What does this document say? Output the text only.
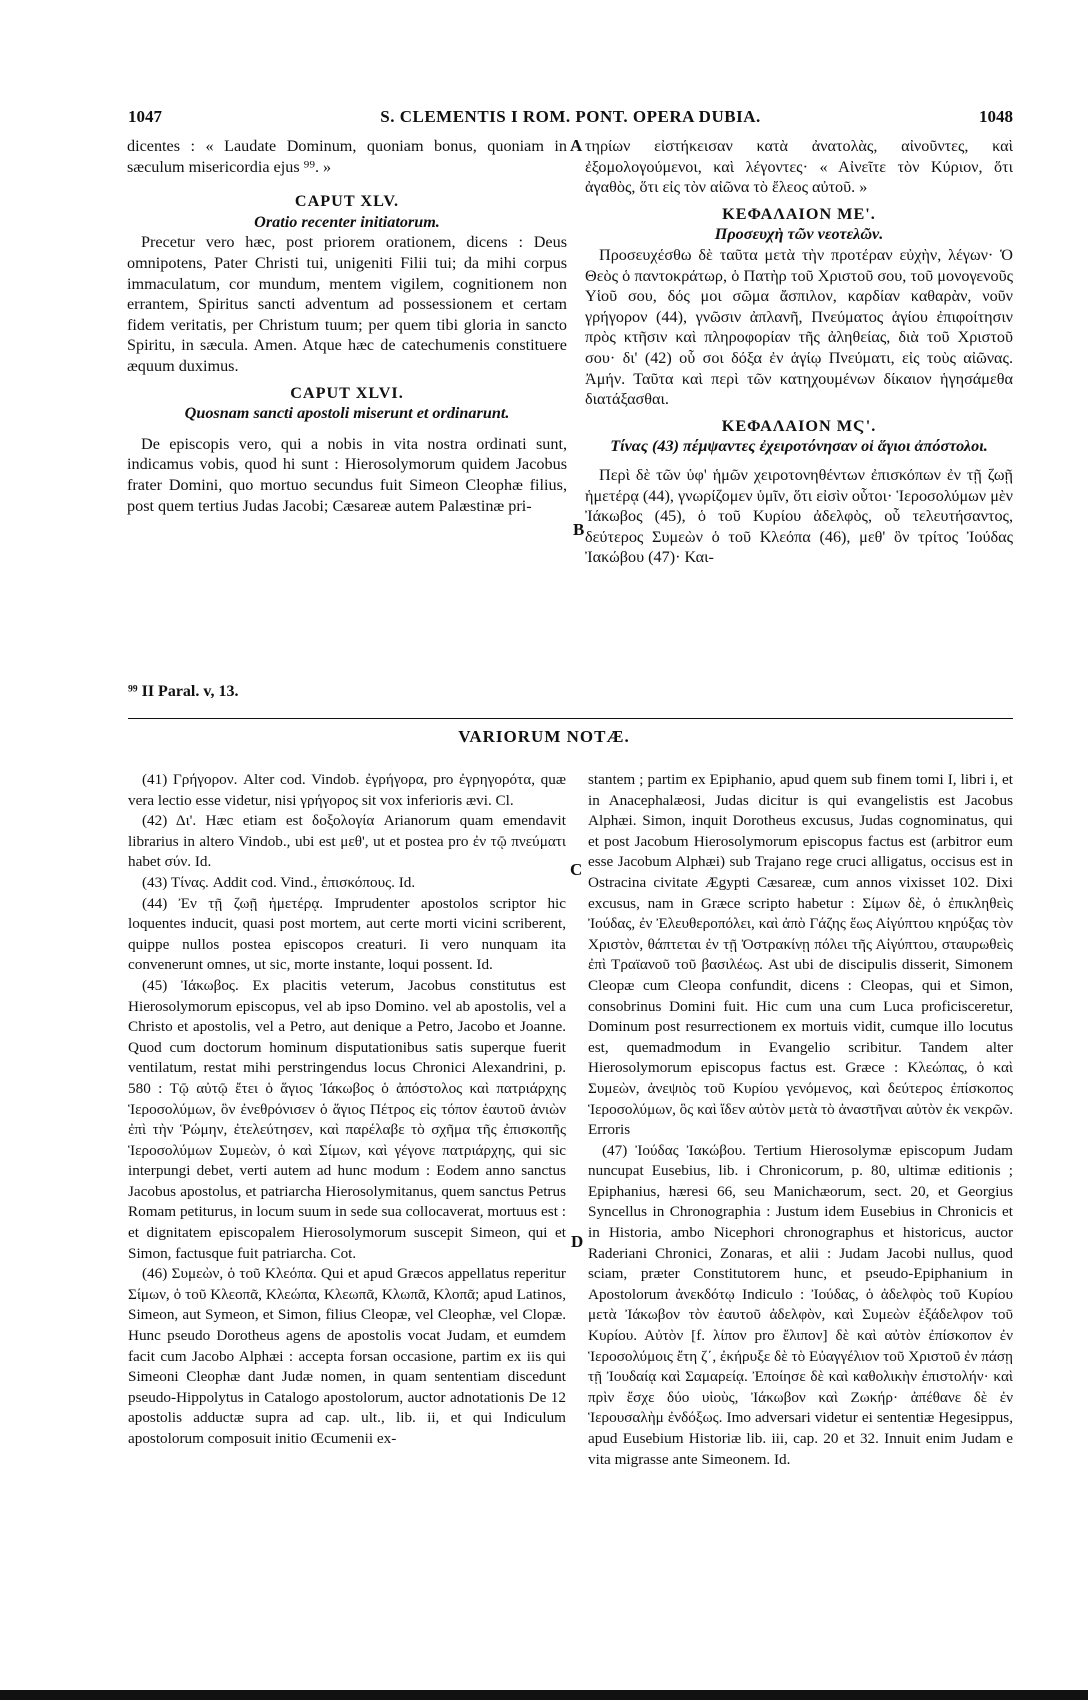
1047	S. CLEMENTIS I ROM. PONT. OPERA DUBIA.	1048
A
B
C
D

dicentes : « Laudate Dominum, quoniam bonus, quoniam in sæculum misericordia ejus ⁹⁹. »

CAPUT XLV.

Oratio recenter initiatorum.

Precetur vero hæc, post priorem orationem, dicens : Deus omnipotens, Pater Christi tui, unigeniti Filii tui; da mihi corpus immaculatum, cor mundum, mentem vigilem, cognitionem non errantem, Spiritus sancti adventum ad possessionem et certam fidem veritatis, per Christum tuum; per quem tibi gloria in sancto Spiritu, in sæcula. Amen. Atque hæc de catechumenis constituere æquum duximus.

CAPUT XLVI.

Quosnam sancti apostoli miserunt et ordinarunt.

De episcopis vero, qui a nobis in vita nostra ordinati sunt, indicamus vobis, quod hi sunt : Hierosolymorum quidem Jacobus frater Domini, quo mortuo secundus fuit Simeon Cleophæ filius, post quem tertius Judas Jacobi; Cæsareæ autem Palæstinæ pri-

τηρίων εἰστήκεισαν κατὰ ἀνατολὰς, αἰνοῦντες, καὶ ἐξομολογούμενοι, καὶ λέγοντες· « Αἰνεῖτε τὸν Κύριον, ὅτι ἀγαθὸς, ὅτι εἰς τὸν αἰῶνα τὸ ἔλεος αὐτοῦ. »

ΚΕΦΑΛΑΙΟΝ ΜΕ'.

Προσευχὴ τῶν νεοτελῶν.

Προσευχέσθω δὲ ταῦτα μετὰ τὴν προτέραν εὐχὴν, λέγων· Ὁ Θεὸς ὁ παντοκράτωρ, ὁ Πατὴρ τοῦ Χριστοῦ σου, τοῦ μονογενοῦς Υἱοῦ σου, δός μοι σῶμα ἄσπιλον, καρδίαν καθαρὰν, νοῦν γρήγορον (44), γνῶσιν ἀπλανῆ, Πνεύματος ἁγίου ἐπιφοίτησιν πρὸς κτῆσιν καὶ πληροφορίαν τῆς ἀληθείας, διὰ τοῦ Χριστοῦ σου· δι' (42) οὗ σοι δόξα ἐν ἁγίῳ Πνεύματι, εἰς τοὺς αἰῶνας. Ἀμήν. Ταῦτα καὶ περὶ τῶν κατηχουμένων δίκαιον ἡγησάμεθα διατάξασθαι.

ΚΕΦΑΛΑΙΟΝ ΜϚ'.

Τίνας (43) πέμψαντες ἐχειροτόνησαν οἱ ἅγιοι ἀπόστολοι.

Περὶ δὲ τῶν ὑφ' ἡμῶν χειροτονηθέντων ἐπισκόπων ἐν τῇ ζωῇ ἡμετέρᾳ (44), γνωρίζομεν ὑμῖν, ὅτι εἰσὶν οὗτοι· Ἱεροσολύμων μὲν Ἰάκωβος (45), ὁ τοῦ Κυρίου ἀδελφὸς, οὗ τελευτήσαντος, δεύτερος Συμεὼν ὁ τοῦ Κλεόπα (46), μεθ' ὃν τρίτος Ἰούδας Ἰακώβου (47)· Και-

⁹⁹ II Paral. v, 13.
VARIORUM NOTÆ.

(41) Γρήγορον. Alter cod. Vindob. ἐγρήγορα, pro ἐγρηγορότα, quæ vera lectio esse videtur, nisi γρήγορος sit vox inferioris ævi. Cl.

(42) Δι'. Hæc etiam est δοξολογία Arianorum quam emendavit librarius in altero Vindob., ubi est μεθ', ut et postea pro ἐν τῷ πνεύματι habet σύν. Id.

(43) Τίνας. Addit cod. Vind., ἐπισκόπους. Id.

(44) Ἐν τῇ ζωῇ ἡμετέρᾳ. Imprudenter apostolos scriptor hic loquentes inducit, quasi post mortem, aut certe morti vicini scriberent, quippe nullos postea episcopos creaturi. Ii vero nunquam ita convenerunt omnes, ut sic, morte instante, loqui possent. Id.

(45) Ἰάκωβος. Ex placitis veterum, Jacobus constitutus est Hierosolymorum episcopus, vel ab ipso Domino. vel ab apostolis, vel a Christo et apostolis, vel a Petro, aut denique a Petro, Jacobo et Joanne. Quod cum doctorum hominum disputationibus satis superque fuerit ventilatum, restat mihi perstringendus locus Chronici Alexandrini, p. 580 : Τῷ αὐτῷ ἔτει ὁ ἅγιος Ἰάκωβος ὁ ἀπόστολος καὶ πατριάρχης Ἱεροσολύμων, ὃν ἐνεθρόνισεν ὁ ἅγιος Πέτρος εἰς τόπον ἑαυτοῦ ἀνιὼν ἐπὶ τὴν Ῥώμην, ἐτελεύτησεν, καὶ παρέλαβε τὸ σχῆμα τῆς ἐπισκοπῆς Ἱεροσολύμων Συμεὼν, ὁ καὶ Σίμων, καὶ γέγονε πατριάρχης, qui sic interpungi debet, verti autem ad hunc modum : Eodem anno sanctus Jacobus apostolus, et patriarcha Hierosolymitanus, quem sanctus Petrus Romam petiturus, in locum suum in sede sua collocaverat, mortuus est : et dignitatem episcopalem Hierosolymorum suscepit Simeon, qui et Simon, factusque fuit patriarcha. Cot.

(46) Συμεὼν, ὁ τοῦ Κλεόπα. Qui et apud Græcos appellatus reperitur Σίμων, ὁ τοῦ Κλεοπᾶ, Κλεώπα, Κλεωπᾶ, Κλωπᾶ, Κλοπᾶ; apud Latinos, Simeon, aut Symeon, et Simon, filius Cleopæ, vel Cleophæ, vel Clopæ. Hunc pseudo Dorotheus agens de apostolis vocat Judam, et eumdem facit cum Jacobo Alphæi : accepta forsan occasione, partim ex iis qui Simeoni Cleophæ dant Judæ nomen, in quam sententiam discedunt pseudo-Hippolytus in Catalogo apostolorum, auctor adnotationis De 12 apostolis adductæ supra ad cap. ult., lib. ii, et qui Indiculum apostolorum composuit initio Œcumenii ex-

stantem ; partim ex Epiphanio, apud quem sub finem tomi I, libri i, et in Anacephalæosi, Judas dicitur is qui evangelistis est Jacobus Alphæi. Simon, inquit Dorotheus excusus, Judas cognominatus, qui et post Jacobum Hierosolymorum episcopus factus est (arbitror eum esse Jacobum Alphæi) sub Trajano rege cruci alligatus, occisus est in Ostracina civitate Ægypti Cæsareæ, cum annos vixisset 102. Dixi excusus, nam in Græce scripto habetur : Σίμων δὲ, ὁ ἐπικληθεὶς Ἰούδας, ἐν Ἐλευθεροπόλει, καὶ ἀπὸ Γάζης ἕως Αἰγύπτου κηρύξας τὸν Χριστὸν, θάπτεται ἐν τῇ Ὀστρακίνῃ πόλει τῆς Αἰγύπτου, σταυρωθεὶς ἐπὶ Τραϊανοῦ τοῦ βασιλέως. Ast ubi de discipulis disserit, Simonem Cleopæ cum Cleopa confundit, dicens : Cleopas, qui et Simon, consobrinus Domini fuit. Hic cum una cum Luca proficisceretur, Dominum post resurrectionem ex mortuis vidit, cumque illo locutus est, quemadmodum in Evangelio scribitur. Tandem alter Hierosolymorum episcopus factus est. Græce : Κλεώπας, ὁ καὶ Συμεὼν, ἀνεψιὸς τοῦ Κυρίου γενόμενος, καὶ δεύτερος ἐπίσκοπος Ἱεροσολύμων, ὃς καὶ ἴδεν αὐτὸν μετὰ τὸ ἀναστῆναι αὐτὸν ἐκ νεκρῶν. Erroris

(47) Ἰούδας Ἰακώβου. Tertium Hierosolymæ episcopum Judam nuncupat Eusebius, lib. i Chronicorum, p. 80, ultimæ editionis ; Epiphanius, hæresi 66, seu Manichæorum, sect. 20, et Georgius Syncellus in Chronographia : Justum idem Eusebius in Chronicis et in Historia, ambo Nicephori chronographus et historicus, auctor Raderiani Chronici, Zonaras, et alii : Judam Jacobi nullus, quod sciam, præter Constitutorem hunc, et pseudo-Epiphanium in Apostolorum ἀνεκδότῳ Indiculo : Ἰούδας, ὁ ἀδελφὸς τοῦ Κυρίου μετὰ Ἰάκωβον τὸν ἑαυτοῦ ἀδελφὸν, καὶ Συμεὼν ἐξάδελφον τοῦ Κυρίου. Αὐτὸν [f. λίπον pro ἔλιπον] δὲ καὶ αὐτὸν ἐπίσκοπον ἐν Ἱεροσολύμοις ἔτη ζ΄, ἐκήρυξε δὲ τὸ Εὐαγγέλιον τοῦ Χριστοῦ ἐν πάσῃ τῇ Ἰουδαίᾳ καὶ Σαμαρείᾳ. Ἐποίησε δὲ καὶ καθολικὴν ἐπιστολήν· καὶ πρὶν ἔσχε δύο υἱοὺς, Ἰάκωβον καὶ Ζωκήρ· ἀπέθανε δὲ ἐν Ἱερουσαλὴμ ἐνδόξως. Imo adversari videtur ei sententiæ Hegesippus, apud Eusebium Historiæ lib. iii, cap. 20 et 32. Innuit enim Judam e vita migrasse ante Simeonem. Id.
